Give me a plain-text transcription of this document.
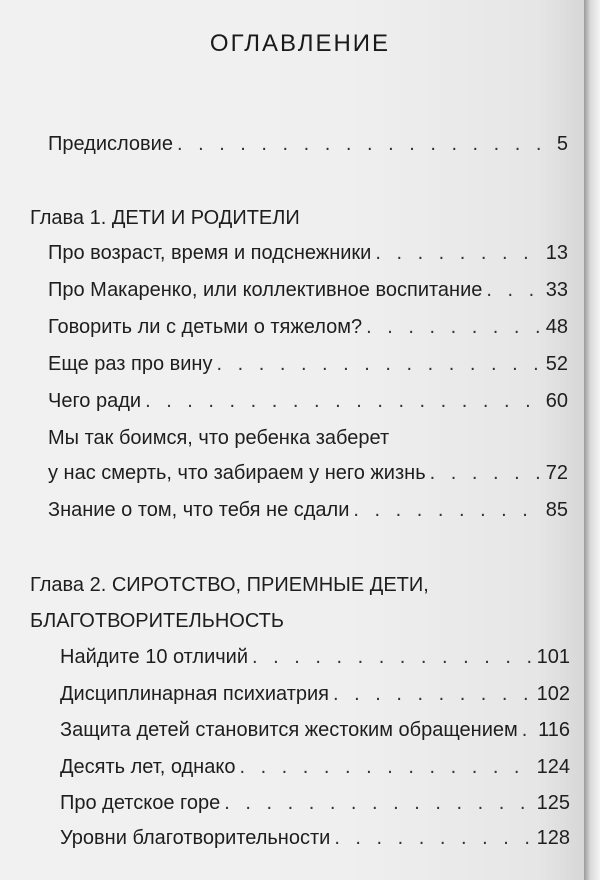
ОГЛАВЛЕНИЕ
Предисловие . . .	5
Глава 1. ДЕТИ И РОДИТЕЛИ
Про возраст, время и подснежники . . .	13
Про Макаренко, или коллективное воспитание . . .	33
Говорить ли с детьми о тяжелом? . . .	48
Еще раз про вину . . .	52
Чего ради . . .	60
Мы так боимся, что ребенка заберет
у нас смерть, что забираем у него жизнь . . .	72
Знание о том, что тебя не сдали . . .	85
Глава 2. СИРОТСТВО, ПРИЕМНЫЕ ДЕТИ,
БЛАГОТВОРИТЕЛЬНОСТЬ
Найдите 10 отличий . . .	101
Дисциплинарная психиатрия . . .	102
Защита детей становится жестоким обращением . . . 116
Десять лет, однако . . .	124
Про детское горе . . .	125
Уровни благотворительности . . .	128
